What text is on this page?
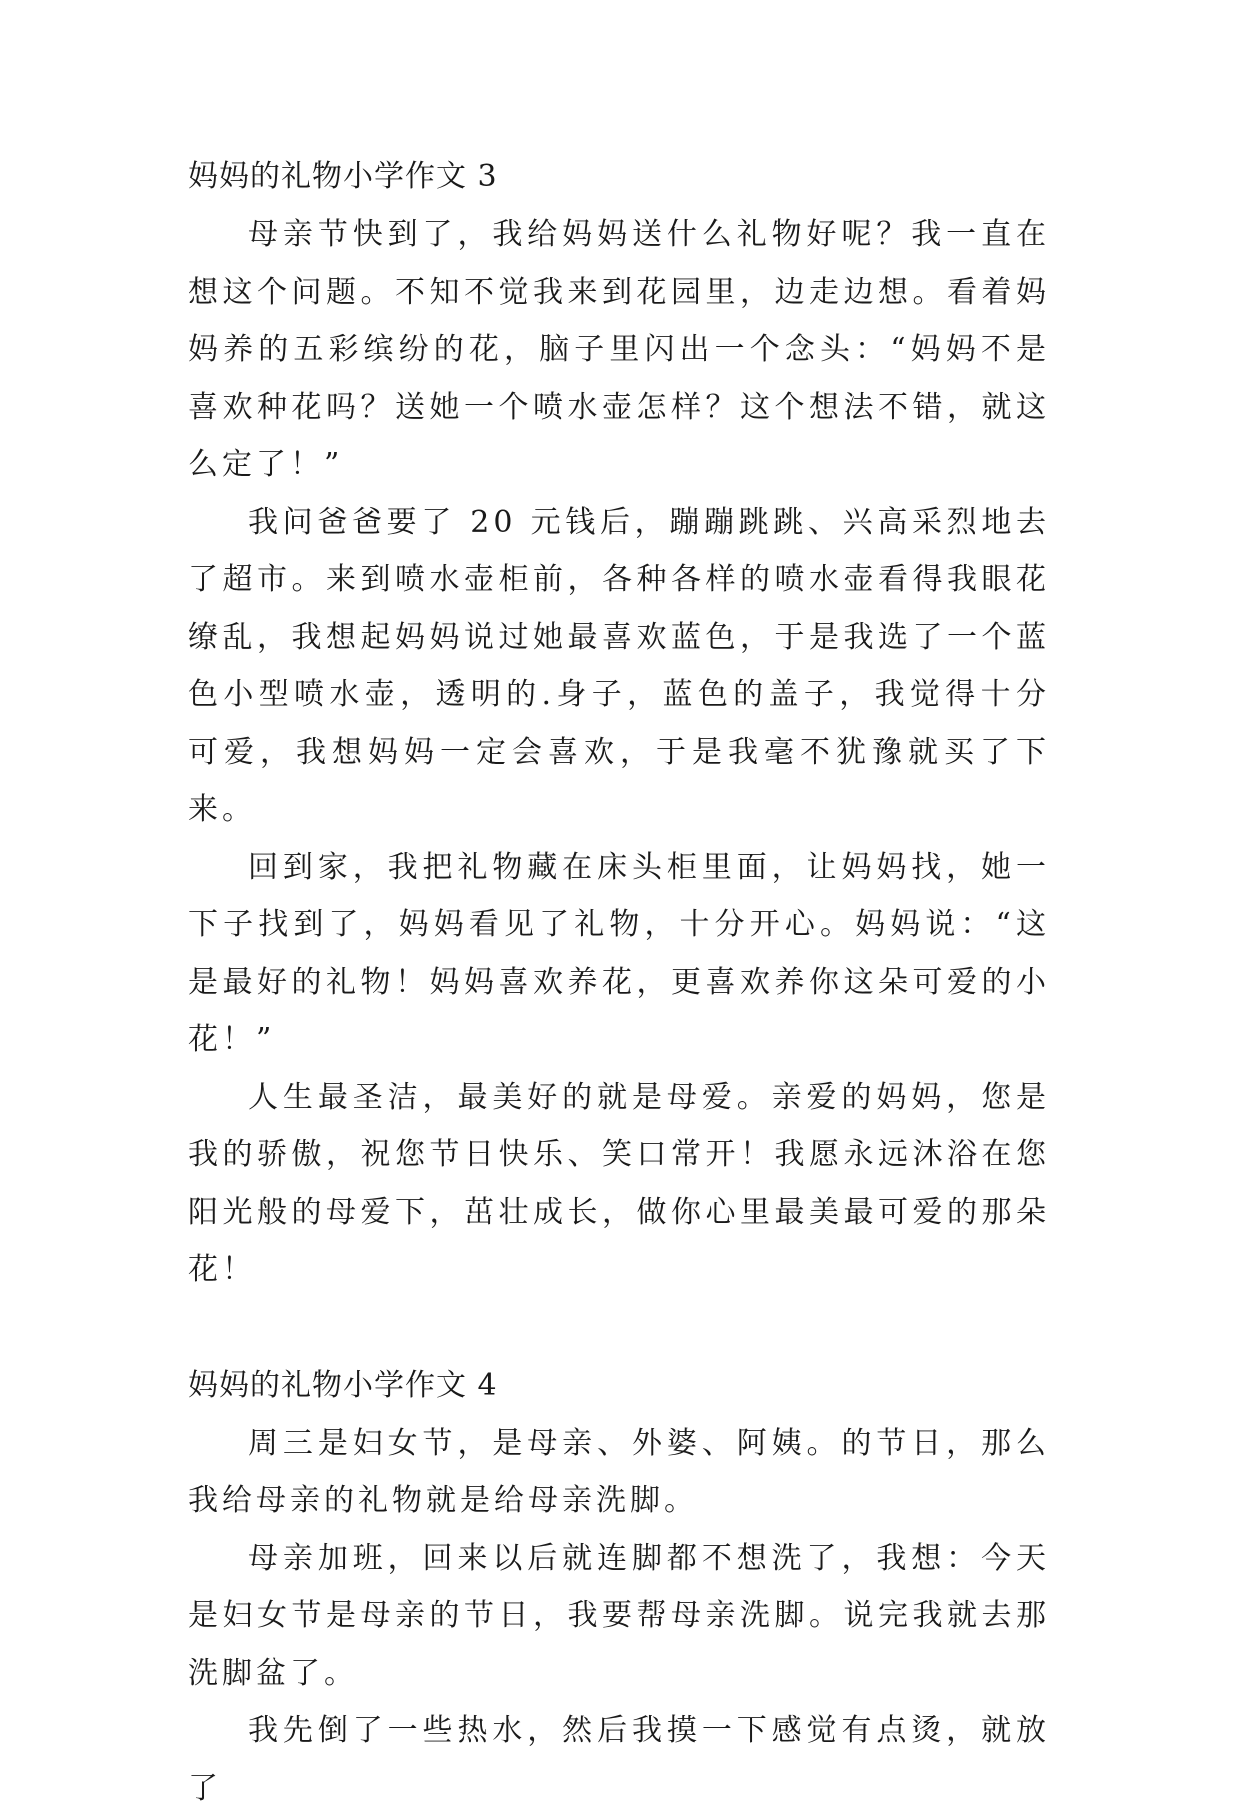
妈妈的礼物小学作文 3

母亲节快到了，我给妈妈送什么礼物好呢？我一直在想这个问题。不知不觉我来到花园里，边走边想。看着妈妈养的五彩缤纷的花，脑子里闪出一个念头：“妈妈不是喜欢种花吗？送她一个喷水壶怎样？这个想法不错，就这么定了！”

我问爸爸要了 20 元钱后，蹦蹦跳跳、兴高采烈地去了超市。来到喷水壶柜前，各种各样的喷水壶看得我眼花缭乱，我想起妈妈说过她最喜欢蓝色，于是我选了一个蓝色小型喷水壶，透明的.身子，蓝色的盖子，我觉得十分可爱，我想妈妈一定会喜欢，于是我毫不犹豫就买了下来。

回到家，我把礼物藏在床头柜里面，让妈妈找，她一下子找到了，妈妈看见了礼物，十分开心。妈妈说：“这是最好的礼物！妈妈喜欢养花，更喜欢养你这朵可爱的小花！”

人生最圣洁，最美好的就是母爱。亲爱的妈妈，您是我的骄傲，祝您节日快乐、笑口常开！我愿永远沐浴在您阳光般的母爱下，茁壮成长，做你心里最美最可爱的那朵花！

妈妈的礼物小学作文 4

周三是妇女节，是母亲、外婆、阿姨。的节日，那么我给母亲的礼物就是给母亲洗脚。

母亲加班，回来以后就连脚都不想洗了，我想：今天是妇女节是母亲的节日，我要帮母亲洗脚。说完我就去那洗脚盆了。

我先倒了一些热水，然后我摸一下感觉有点烫，就放了
